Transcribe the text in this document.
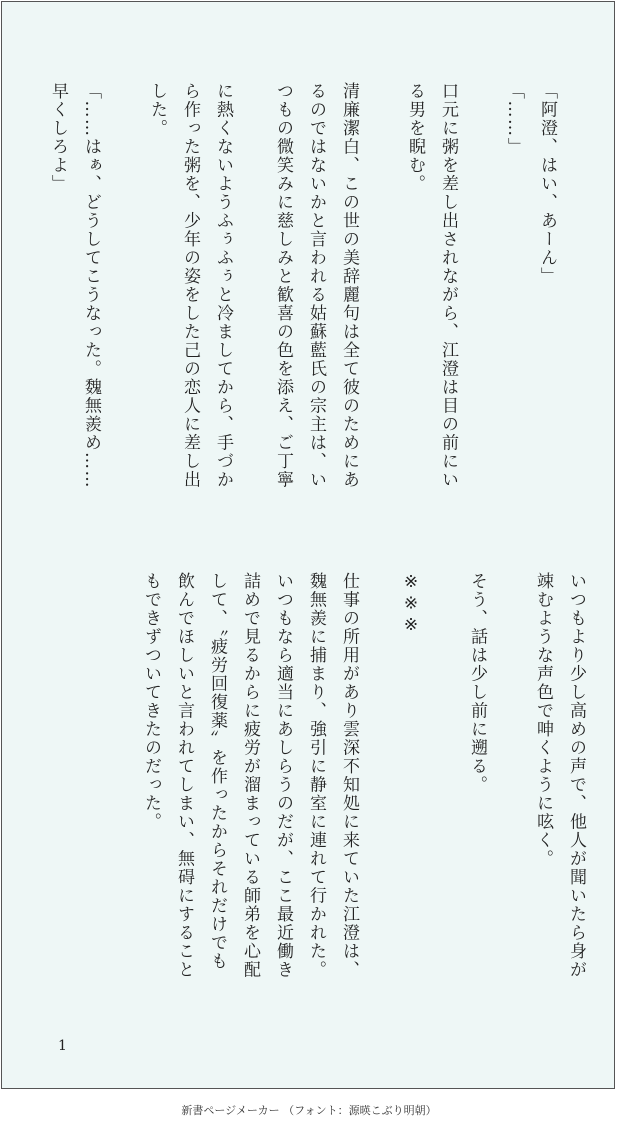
「阿澄、はい、あーん」
「……」

口元に粥を差し出されながら、江澄は目の前にい
る男を睨む。

清廉潔白、この世の美辞麗句は全て彼のためにあ
るのではないかと言われる姑蘇藍氏の宗主は、い
つもの微笑みに慈しみと歓喜の色を添え、ご丁寧
に熱くないようふぅふぅと冷ましてから、手づか
ら作った粥を、少年の姿をした己の恋人に差し出
した。

「……はぁ、どうしてこうなった。魏無羨め……
早くしろよ」
いつもより少し高めの声で、他人が聞いたら身が
竦むような声色で呻くように呟く。

そう、話は少し前に遡る。

※※※

仕事の所用があり雲深不知処に来ていた江澄は、
魏無羨に捕まり、強引に静室に連れて行かれた。
いつもなら適当にあしらうのだが、ここ最近働き
詰めで見るからに疲労が溜まっている師弟を心配
して、〝疲労回復薬〟を作ったからそれだけでも
飲んでほしいと言われてしまい、無碍にすること
もできずついてきたのだった。
1
新書ページメーカー （フォント：源暎こぶり明朝）
